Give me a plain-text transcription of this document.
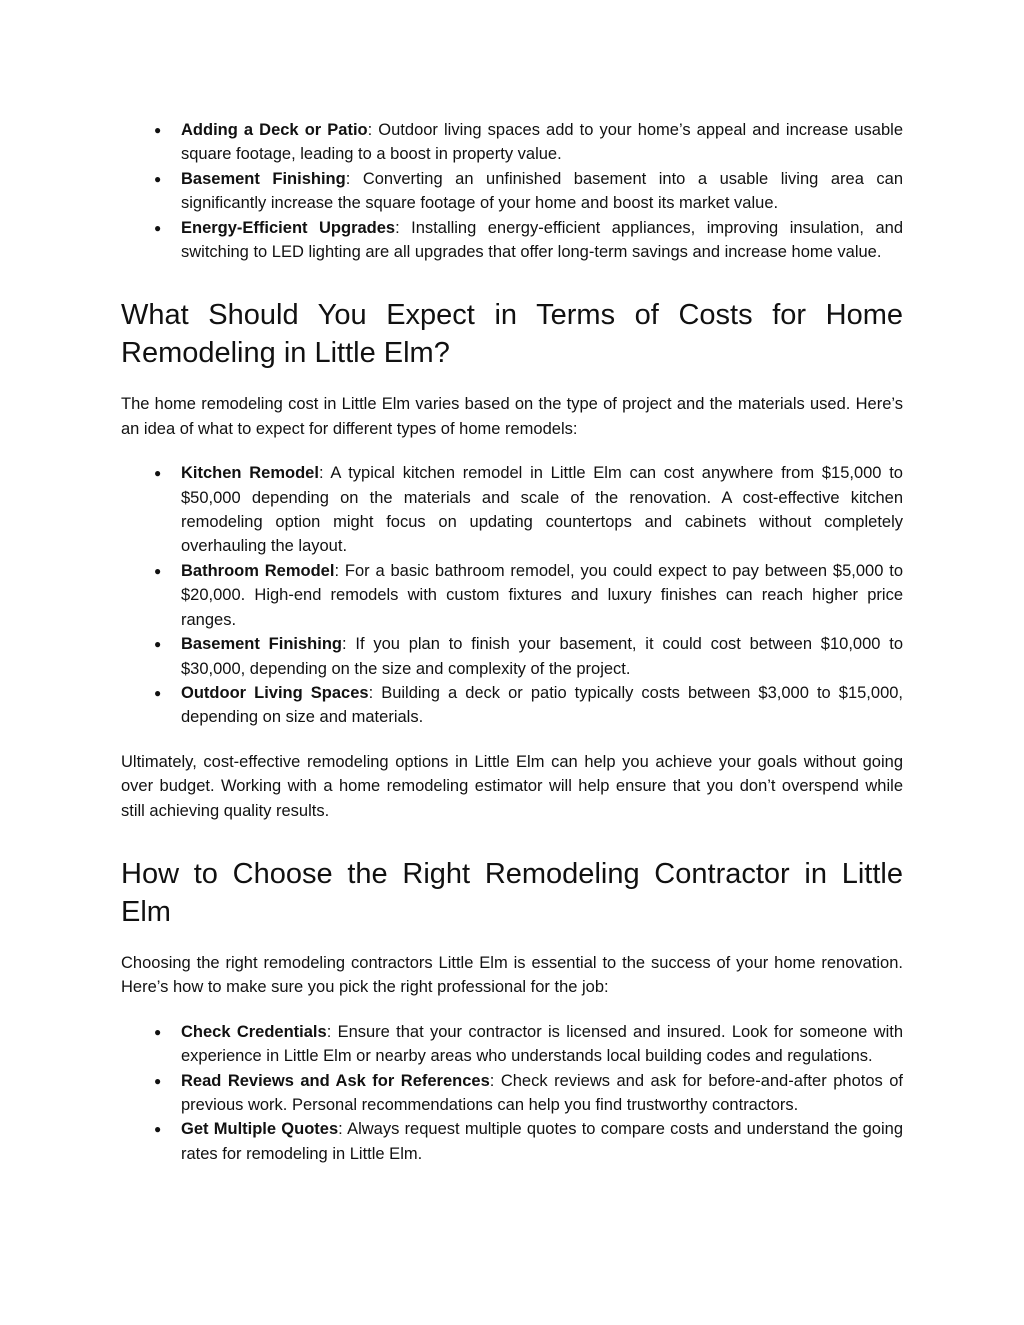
● Adding a Deck or Patio: Outdoor living spaces add to your home’s appeal and increase usable square footage, leading to a boost in property value.
● Basement Finishing: Converting an unfinished basement into a usable living area can significantly increase the square footage of your home and boost its market value.
● Energy-Efficient Upgrades: Installing energy-efficient appliances, improving insulation, and switching to LED lighting are all upgrades that offer long-term savings and increase home value.
What Should You Expect in Terms of Costs for Home Remodeling in Little Elm?

The home remodeling cost in Little Elm varies based on the type of project and the materials used. Here’s an idea of what to expect for different types of home remodels:

● Kitchen Remodel: A typical kitchen remodel in Little Elm can cost anywhere from $15,000 to $50,000 depending on the materials and scale of the renovation. A cost-effective kitchen remodeling option might focus on updating countertops and cabinets without completely overhauling the layout.
● Bathroom Remodel: For a basic bathroom remodel, you could expect to pay between $5,000 to $20,000. High-end remodels with custom fixtures and luxury finishes can reach higher price ranges.
● Basement Finishing: If you plan to finish your basement, it could cost between $10,000 to $30,000, depending on the size and complexity of the project.
● Outdoor Living Spaces: Building a deck or patio typically costs between $3,000 to $15,000, depending on size and materials.

Ultimately, cost-effective remodeling options in Little Elm can help you achieve your goals without going over budget. Working with a home remodeling estimator will help ensure that you don’t overspend while still achieving quality results.

How to Choose the Right Remodeling Contractor in Little Elm

Choosing the right remodeling contractors Little Elm is essential to the success of your home renovation. Here’s how to make sure you pick the right professional for the job:

● Check Credentials: Ensure that your contractor is licensed and insured. Look for someone with experience in Little Elm or nearby areas who understands local building codes and regulations.
● Read Reviews and Ask for References: Check reviews and ask for before-and-after photos of previous work. Personal recommendations can help you find trustworthy contractors.
● Get Multiple Quotes: Always request multiple quotes to compare costs and understand the going rates for remodeling in Little Elm.
